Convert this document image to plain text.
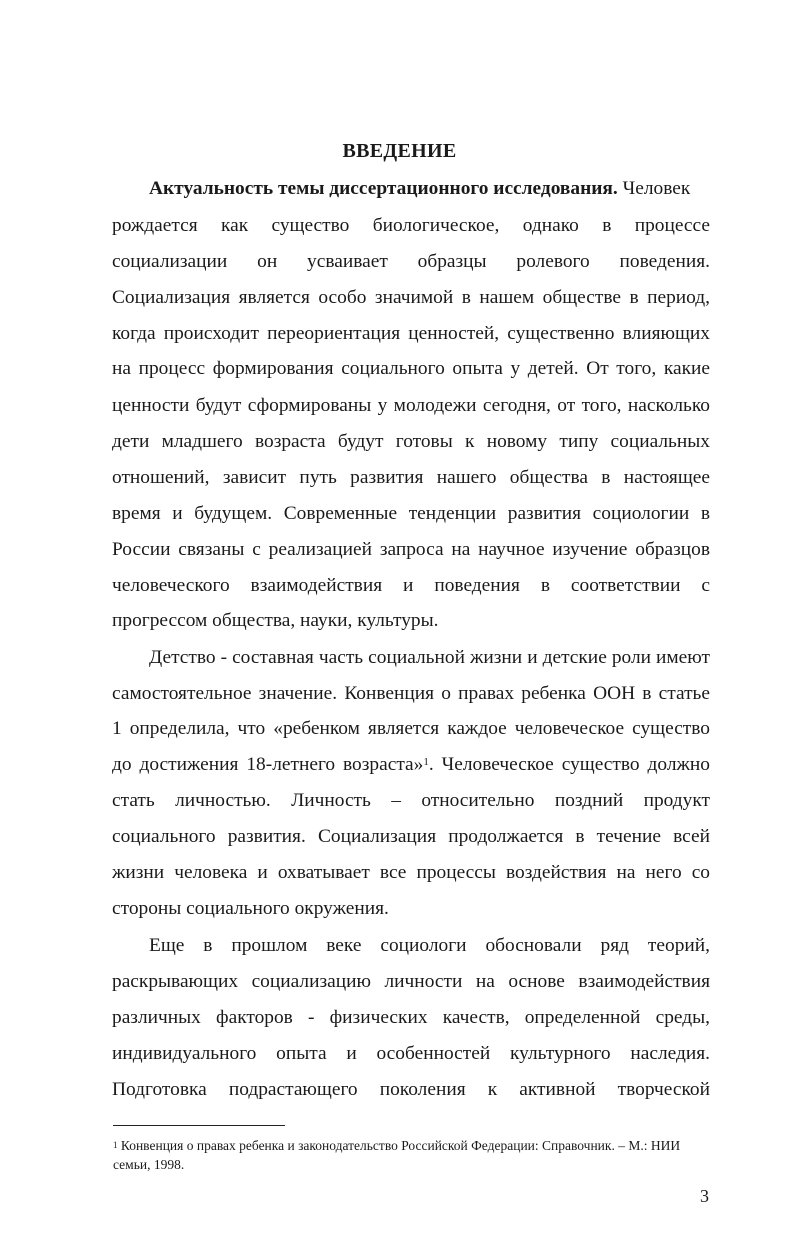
ВВЕДЕНИЕ
Актуальность темы диссертационного исследования. Человек
рождается как существо биологическое, однако в процессе
социализации он усваивает образцы ролевого поведения.
Социализация является особо значимой в нашем обществе в период,
когда происходит переориентация ценностей, существенно влияющих
на процесс формирования социального опыта у детей. От того, какие
ценности будут сформированы у молодежи сегодня, от того, насколько
дети младшего возраста будут готовы к новому типу социальных
отношений, зависит путь развития нашего общества в настоящее
время и будущем. Современные тенденции развития социологии в
России связаны с реализацией запроса на научное изучение образцов
человеческого взаимодействия и поведения в соответствии с
прогрессом общества, науки, культуры.
Детство - составная часть социальной жизни и детские роли имеют
самостоятельное значение. Конвенция о правах ребенка ООН в статье
1 определила, что «ребенком является каждое человеческое существо
до достижения 18-летнего возраста»$^1$. Человеческое существо должно
стать личностью. Личность – относительно поздний продукт
социального развития. Социализация продолжается в течение всей
жизни человека и охватывает все процессы воздействия на него со
стороны социального окружения.
Еще в прошлом веке социологи обосновали ряд теорий,
раскрывающих социализацию личности на основе взаимодействия
различных факторов - физических качеств, определенной среды,
индивидуального опыта и особенностей культурного наследия.
Подготовка подрастающего поколения к активной творческой
$^1$ Конвенция о правах ребенка и законодательство Российской Федерации: Справочник. – М.: НИИ
семьи, 1998.
3
